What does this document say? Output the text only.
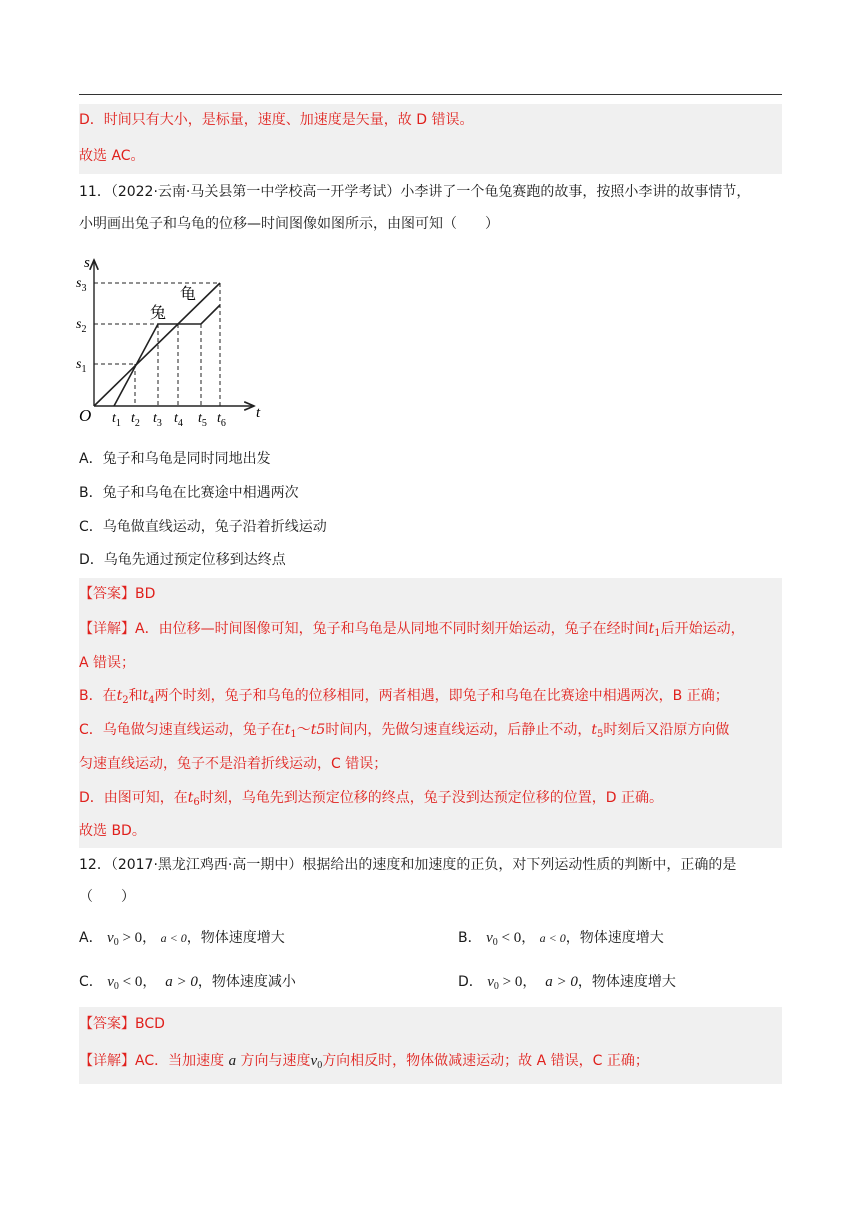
D．时间只有大小，是标量，速度、加速度是矢量，故 D 错误。
故选 AC。
11．（2022·云南·马关县第一中学校高一开学考试）小李讲了一个龟兔赛跑的故事，按照小李讲的故事情节，
小明画出兔子和乌龟的位移—时间图像如图所示，由图可知（　　）
s
t
O
$s_1$
$s_2$
$s_3$
$t_1$ $t_2$ $t_3$ $t_4$ $t_5$ $t_6$
兔
龟
A．兔子和乌龟是同时同地出发
B．兔子和乌龟在比赛途中相遇两次
C．乌龟做直线运动，兔子沿着折线运动
D．乌龟先通过预定位移到达终点
【答案】BD
【详解】A．由位移—时间图像可知，兔子和乌龟是从同地不同时刻开始运动，兔子在经时间$t_1$后开始运动，
A 错误；
B．在$t_2$和$t_4$两个时刻，兔子和乌龟的位移相同，两者相遇，即兔子和乌龟在比赛途中相遇两次，B 正确；
C．乌龟做匀速直线运动，兔子在$t_1\sim t5$时间内，先做匀速直线运动，后静止不动，$t_5$时刻后又沿原方向做
匀速直线运动，兔子不是沿着折线运动，C 错误；
D．由图可知，在$t_6$时刻，乌龟先到达预定位移的终点，兔子没到达预定位移的位置，D 正确。
故选 BD。
12．（2017·黑龙江鸡西·高一期中）根据给出的速度和加速度的正负，对下列运动性质的判断中，正确的是
（　　）
A． $v_0 > 0$， a < 0，物体速度增大	B． $v_0 < 0$， a < 0，物体速度增大
C． $v_0 < 0$，  a > 0，物体速度减小	D． $v_0 > 0$，  a > 0，物体速度增大
【答案】BCD
【详解】AC．当加速度 a 方向与速度$v_0$方向相反时，物体做减速运动；故 A 错误，C 正确；
